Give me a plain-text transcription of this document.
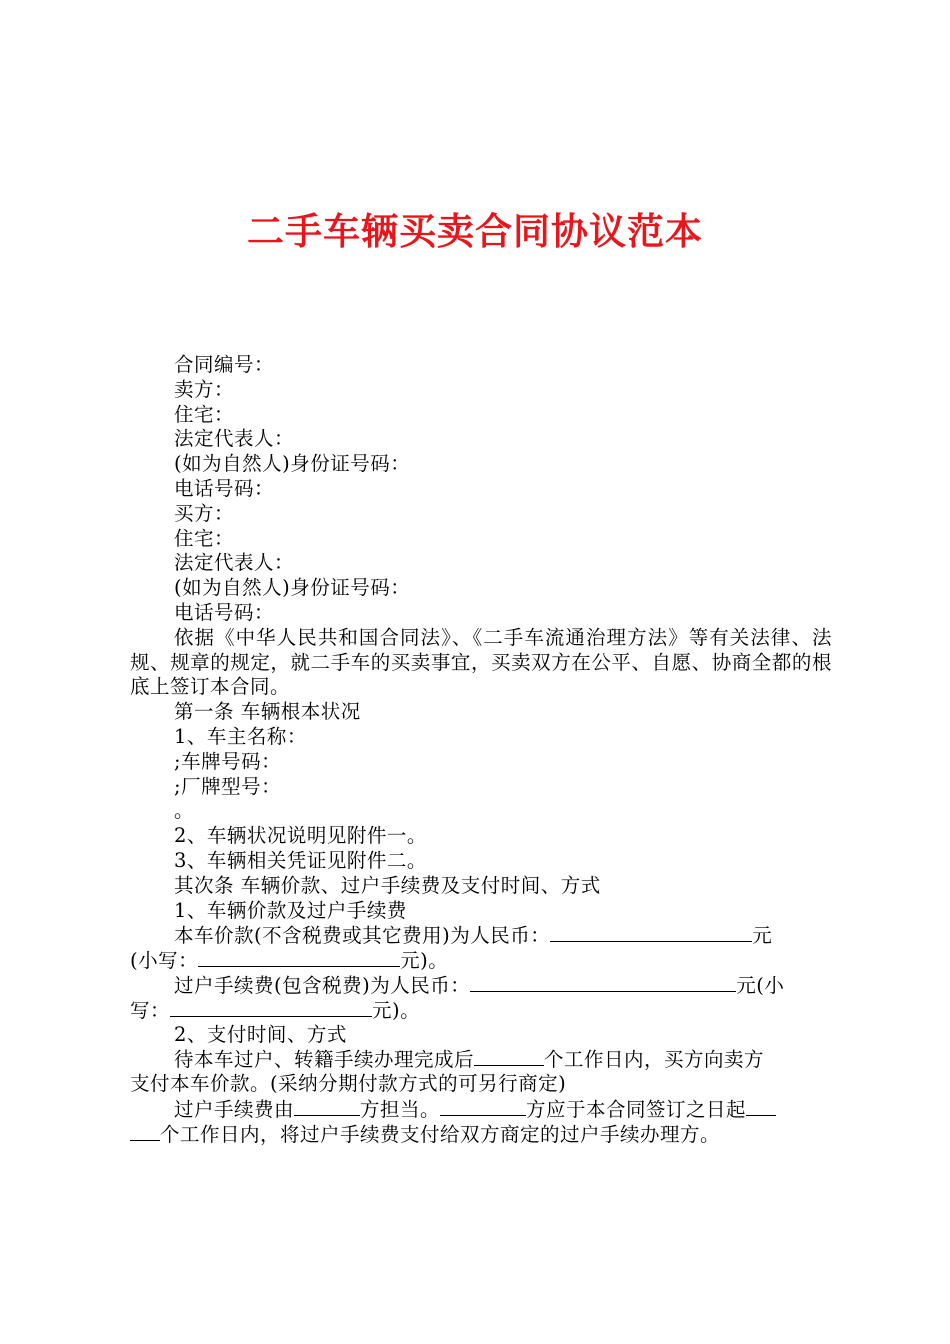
二手车辆买卖合同协议范本
合同编号：
卖方：
住宅：
法定代表人：
(如为自然人)身份证号码：
电话号码：
买方：
住宅：
法定代表人：
(如为自然人)身份证号码：
电话号码：
依据《中华人民共和国合同法》、《二手车流通治理方法》等有关法律、法规、规章的规定，就二手车的买卖事宜，买卖双方在公平、自愿、协商全都的根底上签订本合同。
第一条 车辆根本状况
1、车主名称：
;车牌号码：
;厂牌型号：
。
2、车辆状况说明见附件一。
3、车辆相关凭证见附件二。
其次条 车辆价款、过户手续费及支付时间、方式
1、车辆价款及过户手续费
本车价款(不含税费或其它费用)为人民币：	元
(小写：	元)。
过户手续费(包含税费)为人民币：	元(小
写：	元)。
2、支付时间、方式
待本车过户、转籍手续办理完成后	个工作日内，买方向卖方
支付本车价款。(采纳分期付款方式的可另行商定)
过户手续费由	方担当。	方应于本合同签订之日起
个工作日内，将过户手续费支付给双方商定的过户手续办理方。
